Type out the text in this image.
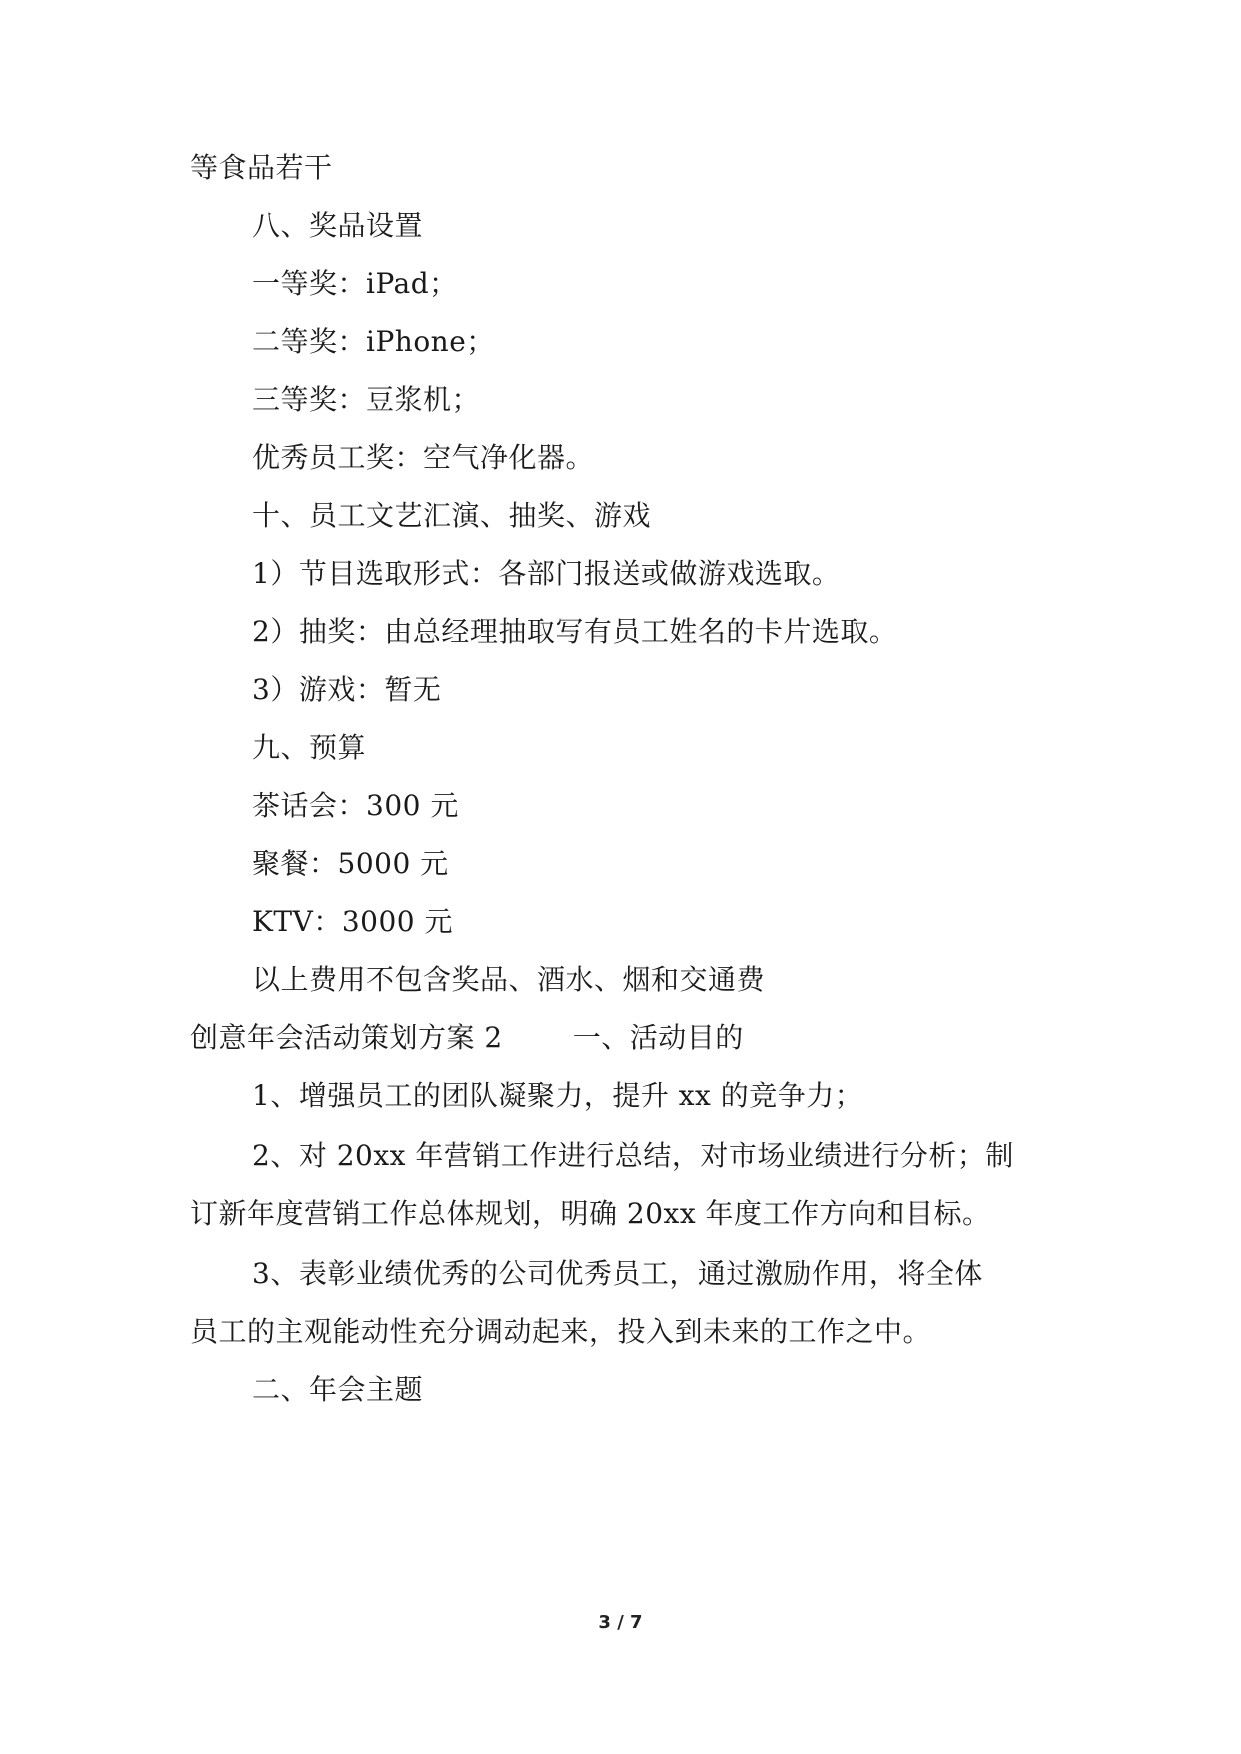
等食品若干
八、奖品设置
一等奖：iPad；
二等奖：iPhone；
三等奖：豆浆机；
优秀员工奖：空气净化器。
十、员工文艺汇演、抽奖、游戏
1）节目选取形式：各部门报送或做游戏选取。
2）抽奖：由总经理抽取写有员工姓名的卡片选取。
3）游戏：暂无
九、预算
茶话会：300 元
聚餐：5000 元
KTV：3000 元
以上费用不包含奖品、酒水、烟和交通费
创意年会活动策划方案 2	一、活动目的
1、增强员工的团队凝聚力，提升 xx 的竞争力；
2、对 20xx 年营销工作进行总结，对市场业绩进行分析；制
订新年度营销工作总体规划，明确 20xx 年度工作方向和目标。
3、表彰业绩优秀的公司优秀员工，通过激励作用，将全体
员工的主观能动性充分调动起来，投入到未来的工作之中。
二、年会主题
3 / 7
